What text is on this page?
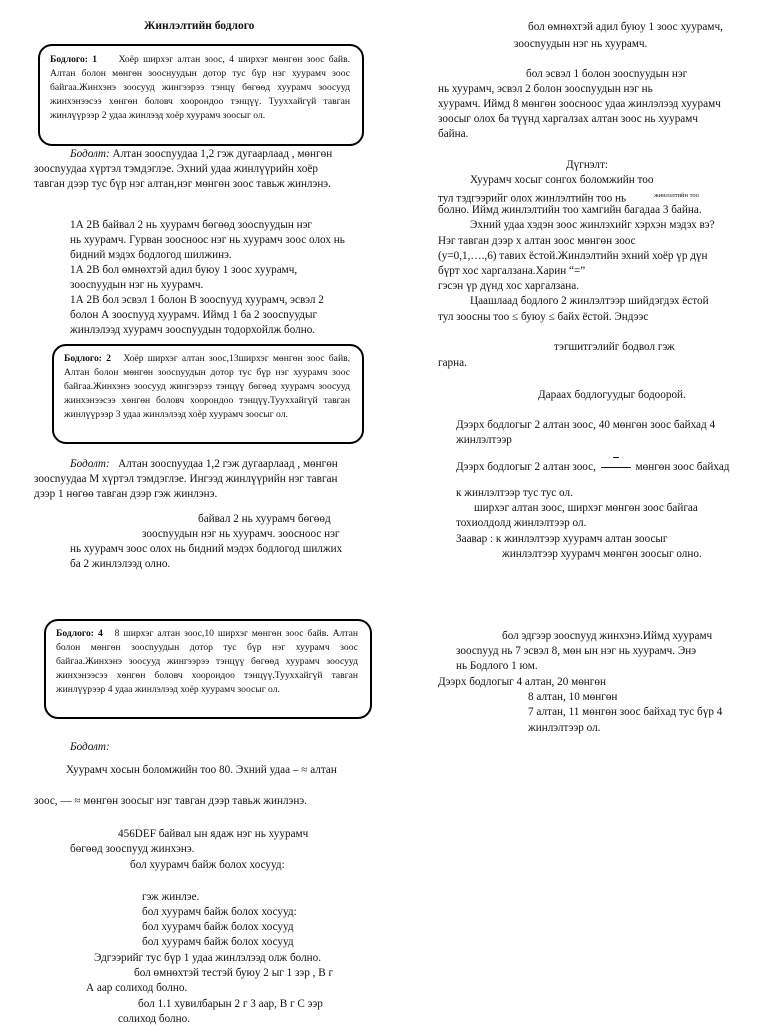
Жинлэлтийн бодлого
Бодлого: 1 Хоёр ширхэг алтан зоос, 4 ширхэг мөнгөн зоос байв. Алтан болон мөнгөн зооснуудын дотор тус бүр нэг хуурамч зоос байгаа.Жинхэнэ зоосууд жингээрээ тэнцү бөгөөд хуурамч зоосууд жинхэнээсээ хөнгөн боловч хоорондоо тэнцүү. Тууххайгүй тавган жинлүүрээр 2 удаа жинлээд хоёр хуурамч зоосыг ол.
Бодолт: Алтан зоосnуудаа 1,2 гэж дугаарлаад , мөнгөн
зоосnуудаа хүртэл тэмдэглэе. Эхний удаа жинлүүрийн хоёр
тавган дээр тус бүр нэг алтан,нэг мөнгөн зоос тавьж жинлэнэ.
1А 2В байвал 2 нь хуурамч бөгөөд зоосnуудын нэг
нь хуурамч. Гурван зооснооc нэг нь хуурамч зоос олох нь
бидний мэдэх бодлогод шилжинэ.
1А 2В бол өмнөхтэй адил буюу 1 зоос хуурамч,
зоосnуудын нэг нь хуурамч.
1А 2В бол эсвэл 1 болон В зоосnууд хуурамч, эсвэл 2
болон А зоосnууд хуурамч. Иймд 1 ба 2 зоосnуудыг
жинлэлээд хуурамч зоосnуудын тодорхойлж болно.
Бодлого: 2 Хоёр ширхэг алтан зоос,13ширхэг мөнгөн зоос байв. Алтан болон мөнгөн зоосnуудын дотор тус бүр нэг хуурамч зоос байгаа.Жинхэнэ зоосууд жингээрээ тэнцүү бөгөөд хуурамч зоосууд жинхэнээсээ хөнгөн боловч хоорондоо тэнцүү.Тууххайгүй тавган жинлүүрээр 3 удаа жинлэлээд хоёр хуурамч зоосыг ол.
Бодолт: Алтан зоосnуудаа 1,2 гэж дугаарлаад , мөнгөн
зоосnуудаа М хүртэл тэмдэглэе. Ингээд жинлүүрийн нэг тавган
дээр 1 нөгөө тавган дээр гэж жинлэнэ.
байвал 2 нь хуурамч бөгөөд
зоосnуудын нэг нь хуурамч. зоосноос нэг
нь хуурамч зоос олох нь бидний мэдэх бодлогод шилжих
ба 2 жинлэлээд олно.
Бодлого: 4 8 ширхэг алтан зоос,10 ширхэг мөнгөн зоос байв. Алтан болон мөнгөн зоосnуудын дотор тус бүр нэг хуурамч зоос байгаа.Жинхэнэ зоосууд жингээрээ тэнцүү бөгөөд хуурамч зоосууд жинхэнээсээ хөнгөн боловч хоорондоо тэнцүү.Тууххайгүй тавган жинлүүрээр 4 удаа жинлэлээд хоёр хуурамч зоосыг ол.
Бодолт:
Хуурамч хосын боломжийн тоо 80. Эхний удаа – ≈ алтан
зоос, — ≈ мөнгөн зоосыг нэг тавган дээр тавьж жинлэнэ.
456DEF байвал ын ядаж нэг нь хуурамч
бөгөөд зоосnууд жинхэнэ.
бол хуурамч байж болох хосууд:
гэж жинлэе.
бол хуурамч байж болох хосууд:
бол хуурамч байж болох хосууд
бол хуурамч байж болох хосууд
Эдгээрийг тус бүр 1 удаа жинлэлээд олж болно.
бол өмнөхтэй тестэй буюу 2 ыг 1 зэр , В г
А аар солиход болно.
бол 1.1 хувилбарын 2 г 3 аар, В г С ээр
солиход болно.
бол өмнөхтэй адил буюу 1 зоос хуурамч,
зоосnуудын нэг нь хуурамч.
бол эсвэл 1 болон зоосnуудын нэг
нь хуурамч, эсвэл 2 болон зоосnуудын нэг нь
хуурамч. Иймд 8 мөнгөн зоосноос удаа жинлэлээд хуурамч
зоосыг олох ба түүнд харгалзах алтан зоос нь хуурамч
байна.
Дүгнэлт:
Хуурамч хосыг сонгох боломжийн тоо
тул тэдгээрийг олох жинлэлтийн тоо нь	$^{жинлэлтийн тоо}$
болно. Иймд жинлэлтийн тоо хамгийн багадаа 3 байна.
Эхний удаа хэдэн зоос жинлэхийг хэрхэн мэдэх вэ?
Нэг тавган дээр х алтан зоос мөнгөн зоос
(у=0,1,….,6) тавих ёстой.Жинлэлтийн эхний хоёр үр дүн
бүрт хос харгалзана.Харин “=”
гэсэн үр дүнд хос харгалзана.
Цаашлаад бодлого 2 жинлэлтээр шийдэгдэх ёстой
тул зоосны тоо ≤ буюу ≤ байх ёстой. Эндээс
тэгшитгэлийг бодвол гэж
гарна.
Дараах бодлогуудыг бодоорой.
Дээрх бодлогыг 2 алтан зоос, 40 мөнгөн зоос байхад 4
жинлэлтээр
Дээрх бодлогыг 2 алтан зоос,	мөнгөн зоос байхад
к жинлэлтээр тус тус ол.
ширхэг алтан зоос, ширхэг мөнгөн зоос байгаа
тохиолдолд жинлэлтээр ол.
Заавар : к жинлэлтээр хуурамч алтан зоосыг
жинлэлтээр хуурамч мөнгөн зоосыг олно.
бол эдгээр зоосnууд жинхэнэ.Иймд хуурамч
зоосnууд нь 7 эсвэл 8, мөн ын нэг нь хуурамч. Энэ
нь Бодлого 1 юм.
Дээрх бодлогыг 4 алтан, 20 мөнгөн
8 алтан, 10 мөнгөн
7 алтан, 11 мөнгөн зоос байхад тус бүр 4
жинлэлтээр ол.
